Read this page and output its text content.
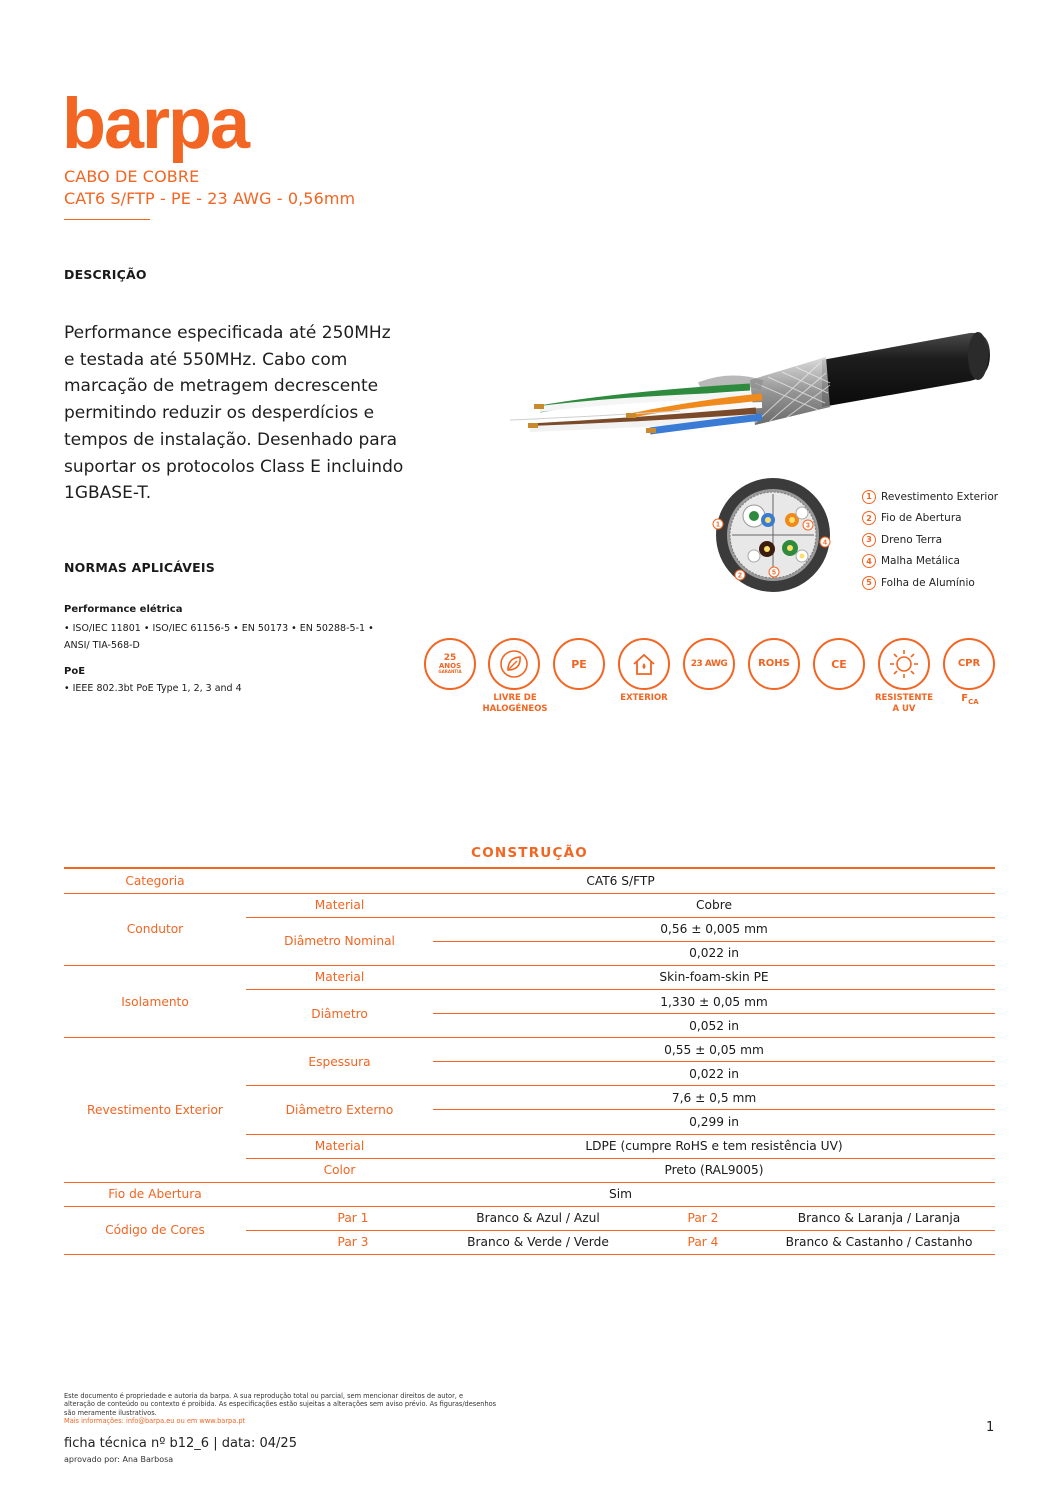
barpa
CABO DE COBRE
CAT6 S/FTP - PE - 23 AWG - 0,56mm
DESCRIÇÃO
Performance especificada até 250MHz e testada até 550MHz. Cabo com marcação de metragem decrescente permitindo reduzir os desperdícios e tempos de instalação. Desenhado para suportar os protocolos Class E incluindo 1GBASE-T.
NORMAS APLICÁVEIS
Performance elétrica
• ISO/IEC 11801 • ISO/IEC 61156-5 • EN 50173 • EN 50288-5-1 •
ANSI/ TIA-568-D
PoE
• IEEE 802.3bt PoE Type 1, 2, 3 and 4
1
2
3
4
5
1 Revestimento Exterior
2 Fio de Abertura
3 Dreno Terra
4 Malha Metálica
5 Folha de Alumínio
25
ANOS
GARANTIA
PE	23 AWG	ROHS	CE	CPR
LIVRE DE
HALOGÉNEOS
EXTERIOR	RESISTENTE
A UV
$F_{CA}$
CONSTRUÇÃO
Categoria	CAT6 S/FTP			
Condutor	Material	Cobre		
	Diâmetro Nominal	0,56 ± 0,005 mm		
		0,022 in		
Isolamento	Material	Skin-foam-skin PE		
	Diâmetro	1,330 ± 0,05 mm		
		0,052 in		
Revestimento Exterior	Espessura	0,55 ± 0,05 mm		
		0,022 in		
	Diâmetro Externo	7,6 ± 0,5 mm		
		0,299 in		
	Material	LDPE (cumpre RoHS e tem resistência UV)		
	Color	Preto (RAL9005)		
Fio de Abertura	Sim			
Código de Cores	Par 1	Branco & Azul / Azul	Par 2	Branco & Laranja / Laranja
	Par 3	Branco & Verde / Verde	Par 4	Branco & Castanho / Castanho
Este documento é propriedade e autoria da barpa. A sua reprodução total ou parcial, sem mencionar direitos de autor, e
alteração de conteúdo ou contexto é proibida. As especificações estão sujeitas a alterações sem aviso prévio. As figuras/desenhos
são meramente ilustrativos.
Mais informações: info@barpa.eu ou em www.barpa.pt
ficha técnica nº b12_6 | data: 04/25
aprovado por: Ana Barbosa
1
